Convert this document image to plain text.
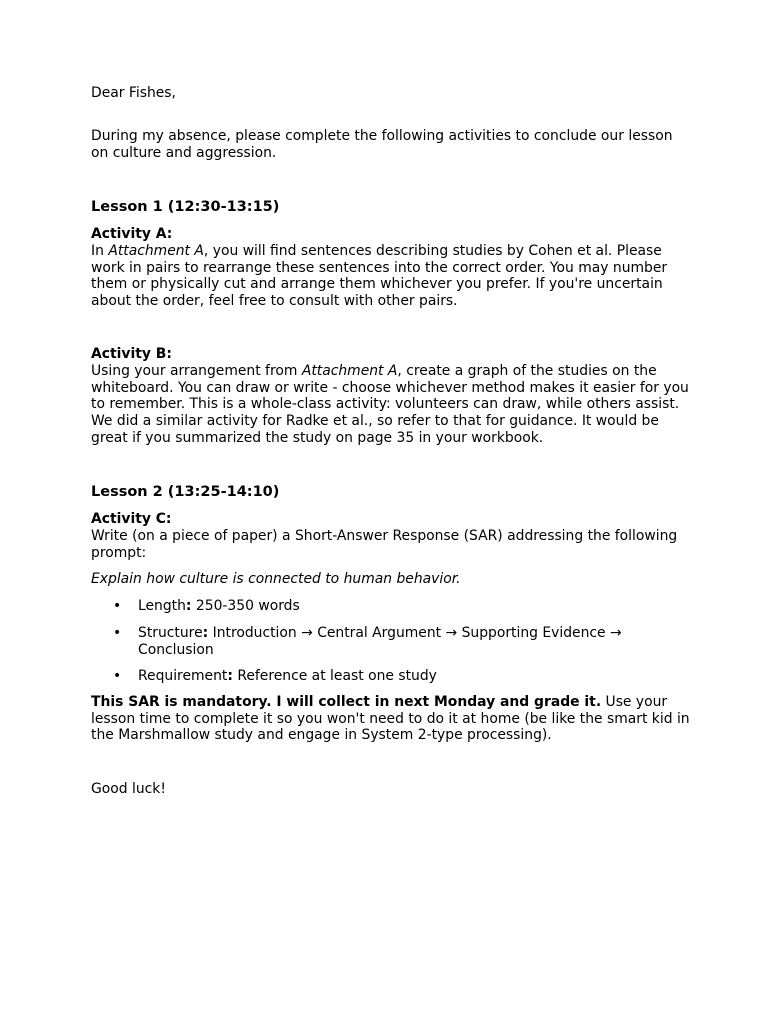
Dear Fishes,

During my absence, please complete the following activities to conclude our lesson on culture and aggression.

Lesson 1 (12:30-13:15)

Activity A:

In Attachment A, you will find sentences describing studies by Cohen et al. Please work in pairs to rearrange these sentences into the correct order. You may number them or physically cut and arrange them whichever you prefer. If you're uncertain about the order, feel free to consult with other pairs.

Activity B:

Using your arrangement from Attachment A, create a graph of the studies on the whiteboard. You can draw or write - choose whichever method makes it easier for you to remember. This is a whole-class activity: volunteers can draw, while others assist. We did a similar activity for Radke et al., so refer to that for guidance. It would be great if you summarized the study on page 35 in your workbook.

Lesson 2 (13:25-14:10)

Activity C:

Write (on a piece of paper) a Short-Answer Response (SAR) addressing the following prompt:

Explain how culture is connected to human behavior.

• Length: 250-350 words

• Structure: Introduction → Central Argument → Supporting Evidence → Conclusion

• Requirement: Reference at least one study

This SAR is mandatory. I will collect in next Monday and grade it. Use your lesson time to complete it so you won't need to do it at home (be like the smart kid in the Marshmallow study and engage in System 2-type processing).

Good luck!
